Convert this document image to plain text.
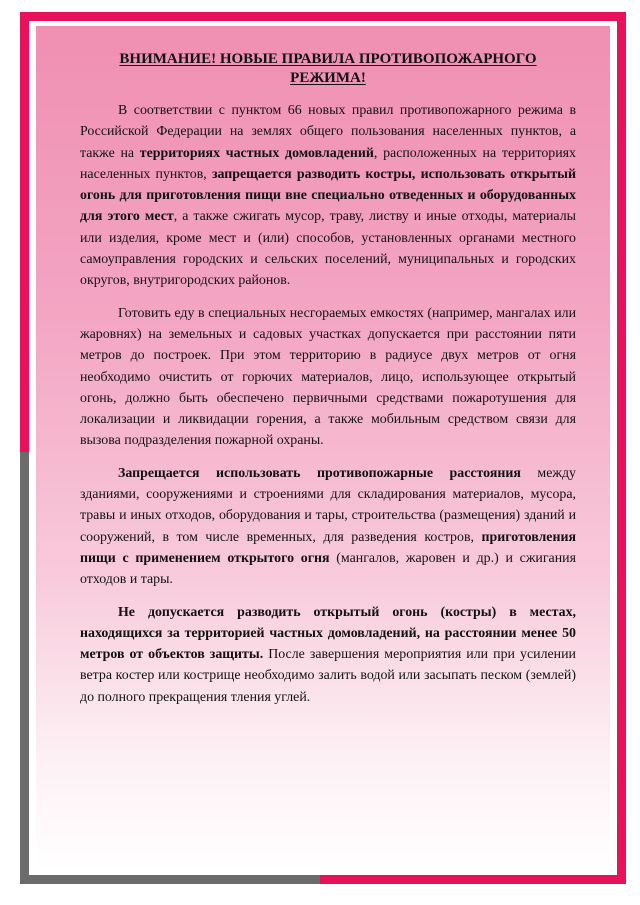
ВНИМАНИЕ! НОВЫЕ ПРАВИЛА ПРОТИВОПОЖАРНОГО РЕЖИМА!

В соответствии с пунктом 66 новых правил противопожарного режима в Российской Федерации на землях общего пользования населенных пунктов, а также на территориях частных домовладений, расположенных на территориях населенных пунктов, запрещается разводить костры, использовать открытый огонь для приготовления пищи вне специально отведенных и оборудованных для этого мест, а также сжигать мусор, траву, листву и иные отходы, материалы или изделия, кроме мест и (или) способов, установленных органами местного самоуправления городских и сельских поселений, муниципальных и городских округов, внутригородских районов.

Готовить еду в специальных несгораемых емкостях (например, мангалах или жаровнях) на земельных и садовых участках допускается при расстоянии пяти метров до построек. При этом территорию в радиусе двух метров от огня необходимо очистить от горючих материалов, лицо, использующее открытый огонь, должно быть обеспечено первичными средствами пожаротушения для локализации и ликвидации горения, а также мобильным средством связи для вызова подразделения пожарной охраны.

Запрещается использовать противопожарные расстояния между зданиями, сооружениями и строениями для складирования материалов, мусора, травы и иных отходов, оборудования и тары, строительства (размещения) зданий и сооружений, в том числе временных, для разведения костров, приготовления пищи с применением открытого огня (мангалов, жаровен и др.) и сжигания отходов и тары.

Не допускается разводить открытый огонь (костры) в местах, находящихся за территорией частных домовладений, на расстоянии менее 50 метров от объектов защиты. После завершения мероприятия или при усилении ветра костер или кострище необходимо залить водой или засыпать песком (землей) до полного прекращения тления углей.
